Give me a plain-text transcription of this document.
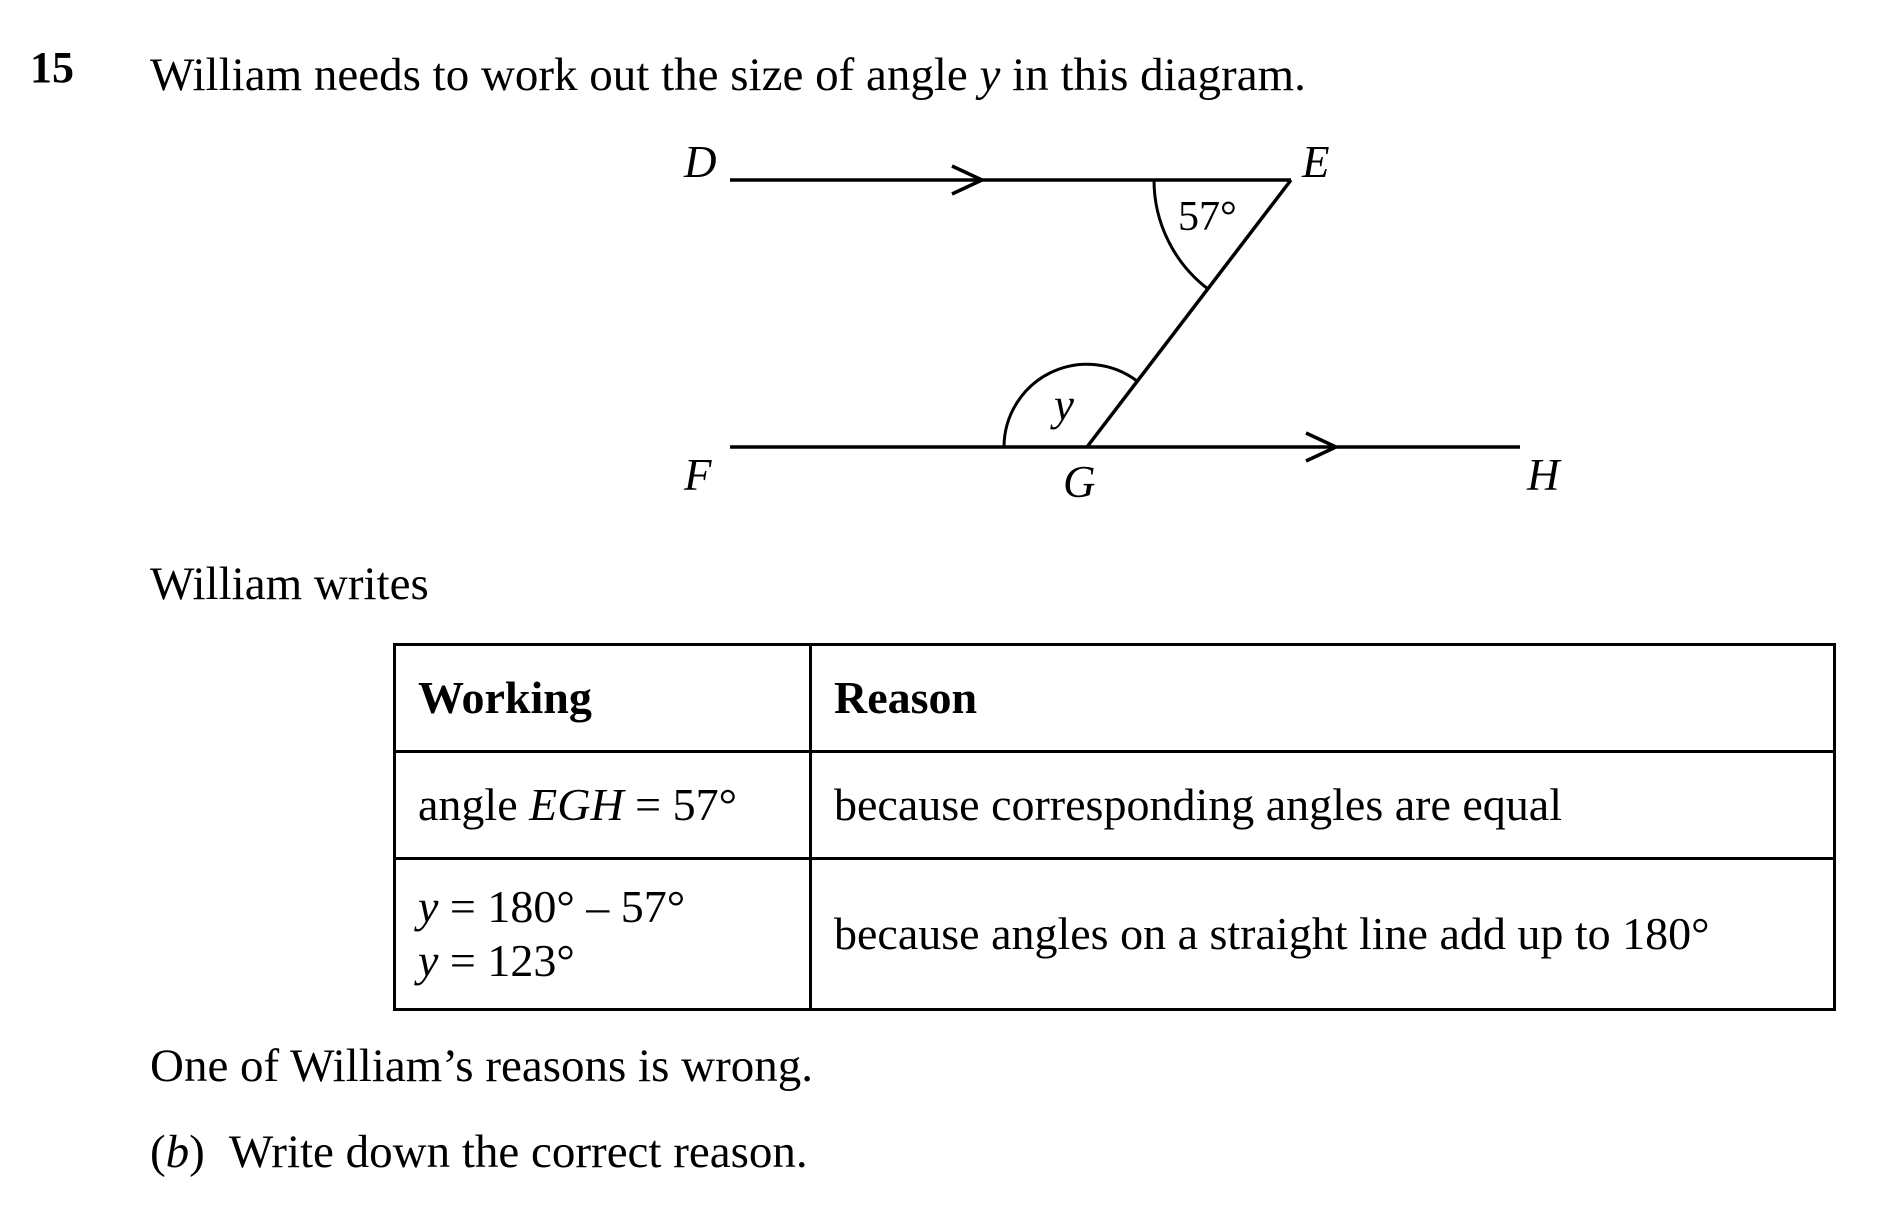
15 William needs to work out the size of angle y in this diagram.
D	E
F	G	H
57°
y
William writes
Working	Reason
angle EGH = 57°	because corresponding angles are equal

y = 180° – 57°
y = 123°	because angles on a straight line add up to 180°
One of William’s reasons is wrong.
(b) Write down the correct reason.
